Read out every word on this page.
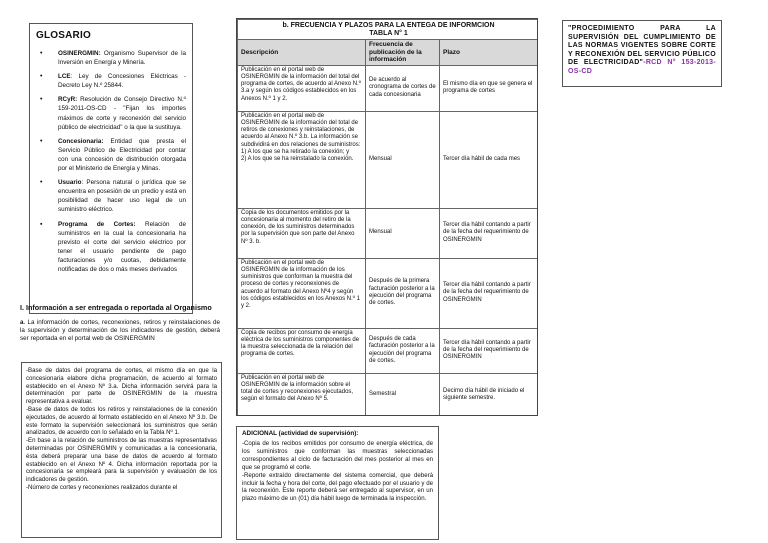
GLOSARIO
• OSINERGMIN: Organismo Supervisor de la Inversión en Energía y Minería.
• LCE: Ley de Concesiones Eléctricas - Decreto Ley N.º 25844.
• RCyR: Resolución de Consejo Directivo N.º 159-2011-OS-CD - "Fijan los importes máximos de corte y reconexión del servicio público de electricidad" o la que la sustituya.
• Concesionaria: Entidad que presta el Servicio Público de Electricidad por contar con una concesión de distribución otorgada por el Ministerio de Energía y Minas.
• Usuario: Persona natural o jurídica que se encuentra en posesión de un predio y está en posibilidad de hacer uso legal de un suministro eléctrico.
▪ Programa de Cortes: Relación de suministros en la cual la concesionaria ha previsto el corte del servicio eléctrico por tener el usuario pendiente de pago facturaciones y/o cuotas, debidamente notificadas de dos o más meses derivados
I. Información a ser entregada o reportada al Organismo
a. La información de cortes, reconexiones, retiros y reinstalaciones de la supervisión y determinación de los indicadores de gestión, deberá ser reportada en el portal web de OSINERGMIN

-Base de datos del programa de cortes, el mismo día en que la concesionaria elabore dicha programación, de acuerdo al formato establecido en el Anexo Nº 3.a. Dicha información servirá para la determinación por parte de OSINERGMIN de la muestra representativa a evaluar.

-Base de datos de todos los retiros y reinstalaciones de la conexión ejecutados, de acuerdo al formato establecido en el Anexo Nº 3.b. De este formato la supervisión seleccionará los suministros que serán analizados, de acuerdo con lo señalado en la Tabla Nº 1.

-En base a la relación de suministros de las muestras representativas determinadas por OSINERGMIN y comunicadas a la concesionaria, ésta deberá preparar una base de datos de acuerdo al formato establecido en el Anexo Nº 4. Dicha información reportada por la concesionaria se empleará para la supervisión y evaluación de los indicadores de gestión.

-Número de cortes y reconexiones realizados durante el

b. FRECUENCIA Y PLAZOS PARA LA ENTEGA DE INFORMCION
TABLA N° 1		

Descripción	Frecuencia de publicación de la información	Plazo
Publicación en el portal web de OSINERGMIN de la información del total del programa de cortes, de acuerdo al Anexo N.º 3.a y según los códigos establecidos en los Anexos N.º 1 y 2.	De acuerdo al cronograma de cortes de cada concesionaria	El mismo día en que se genera el programa de cortes
Publicación en el portal web de OSINERGMIN de la información del total de retiros de conexiones y reinstalaciones, de acuerdo al Anexo N.º 3.b. La información se subdividirá en dos relaciones de suministros:
1) A los que se ha retirado la conexión; y
2) A los que se ha reinstalado la conexión.	Mensual	Tercer día hábil de cada mes
Copia de los documentos emitidos por la concesionaria al momento del retiro de la conexión, de los suministros determinados por la supervisión que son parte del Anexo Nº 3. b.	Mensual	Tercer día hábil contando a partir de la fecha del requerimiento de OSINERGMIN
Publicación en el portal web de OSINERGMIN de la información de los suministros que conforman la muestra del proceso de cortes y reconexiones de acuerdo al formato del Anexo Nº4 y según los códigos establecidos en los Anexos N.º 1 y 2.	Después de la primera facturación posterior a la ejecución del programa de cortes.	Tercer día hábil contando a partir de la fecha del requerimiento de OSINERGMIN
Copia de recibos por consumo de energía eléctrica de los suministros componentes de la muestra seleccionada de la relación del programa de cortes.	Después de cada facturación posterior a la ejecución del programa de cortes.	Tercer día hábil contando a partir de la fecha del requerimiento de OSINERGMIN
Publicación en el portal web de OSINERGMIN de la información sobre el total de cortes y reconexiones ejecutados, según el formato del Anexo Nº 5.	Semestral	Decimo día hábil de iniciado el siguiente semestre.
ADICIONAL (actividad de supervisión):

-Copia de los recibos emitidos por consumo de energía eléctrica, de los suministros que conforman las muestras seleccionadas correspondientes al ciclo de facturación del mes posterior al mes en que se programó el corte.

-Reporte extraído directamente del sistema comercial, que deberá incluir la fecha y hora del corte, del pago efectuado por el usuario y de la reconexión. Este reporte deberá ser entregado al supervisor, en un plazo máximo de un (01) día hábil luego de terminada la inspección.

"PROCEDIMIENTO PARA LA SUPERVISIÓN DEL CUMPLIMIENTO DE LAS NORMAS VIGENTES SOBRE CORTE Y RECONEXIÓN DEL SERVICIO PÚBLICO DE ELECTRICIDAD"-RCD N° 153-2013-OS-CD
